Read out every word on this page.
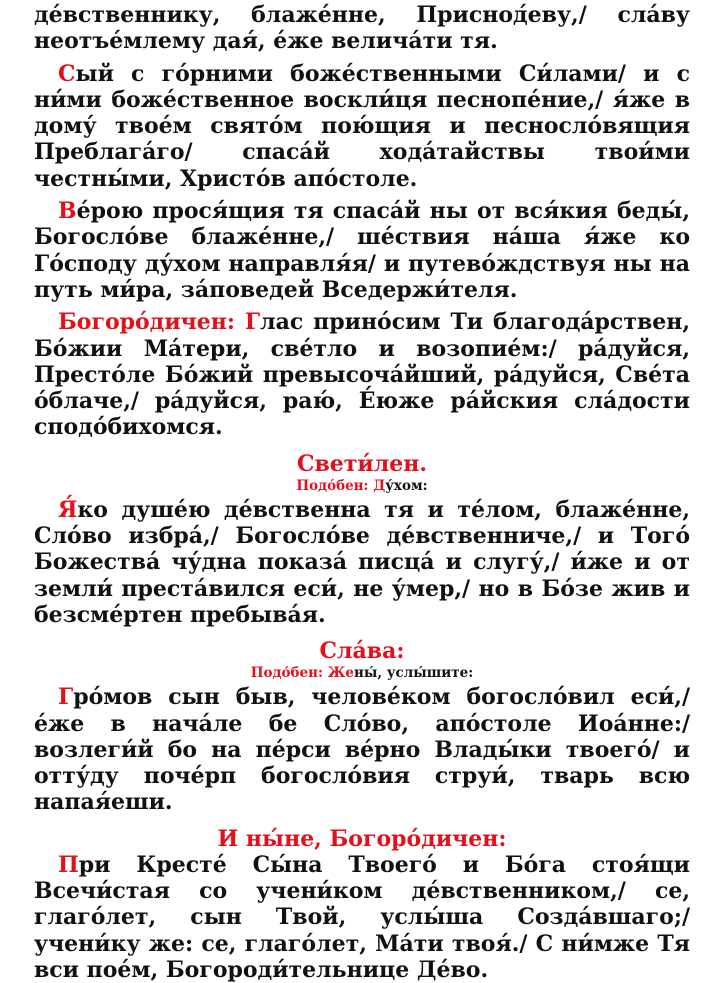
де́вственнику, блаже́нне, Приснод́еву,/ сла́ву неотъе́млему дая́, е́же велича́ти тя.

Сый с го́рними боже́ственными Си́лами/ и с ни́ми боже́ственное воскли́ця песнопе́ние,/ я́же в дому́ твое́м свято́м пою́щия и песносло́вящия Преблага́го/ спаса́й хода́тайствы твои́ми честны́ми, Христо́в апо́столе.

Ве́рою прося́щия тя спаса́й ны от вся́кия беды́, Богосло́ве блаже́нне,/ ше́ствия на́ша я́же ко Го́споду ду́хом направля́я/ и путево́ждствуя ны на путь ми́ра, за́поведей Вседержи́теля.

Богоро́дичен: Глас прино́сим Ти благода́рствен, Бо́жии Ма́тери, све́тло и возопие́м:/ ра́дуйся, Престо́ле Бо́жий превысоча́йший, ра́дуйся, Све́та о́блаче,/ ра́дуйся, раю́, Е́юже ра́йския сла́дости сподо́бихомся.

Свети́лен.
Подо́бен: Ду́хом:

Я́ко душе́ю де́вственна тя и те́лом, блаже́нне, Сло́во избра́,/ Богосло́ве де́вственниче,/ и Того́ Божества́ чу́дна показа́ писца́ и слугу́,/ и́же и от земли́ преста́вился еси́, не у́мер,/ но в Бо́зе жив и безсме́ртен пребыва́я.

Сла́ва:
Подо́бен: Жены́, услы́шите:

Гро́мов сын быв, челове́ком богосло́вил еси́,/ е́же в нача́ле бе Сло́во, апо́столе Иоа́нне:/ возлеги́й бо на пе́рси ве́рно Влады́ки твоего́/ и отту́ду поче́рп богосло́вия струи́, тварь всю напая́еши.

И ны́не, Богоро́дичен:

При Кресте́ Сы́на Твоего́ и Бо́га стоя́щи Всечи́стая со учени́ком де́вственником,/ се, глаго́лет, сын Твой, услы́ша Созда́вшаго;/ учени́ку же: се, глаго́лет, Ма́ти твоя́./ С ни́мже Тя вси пое́м, Богороди́тельнице Де́во.
